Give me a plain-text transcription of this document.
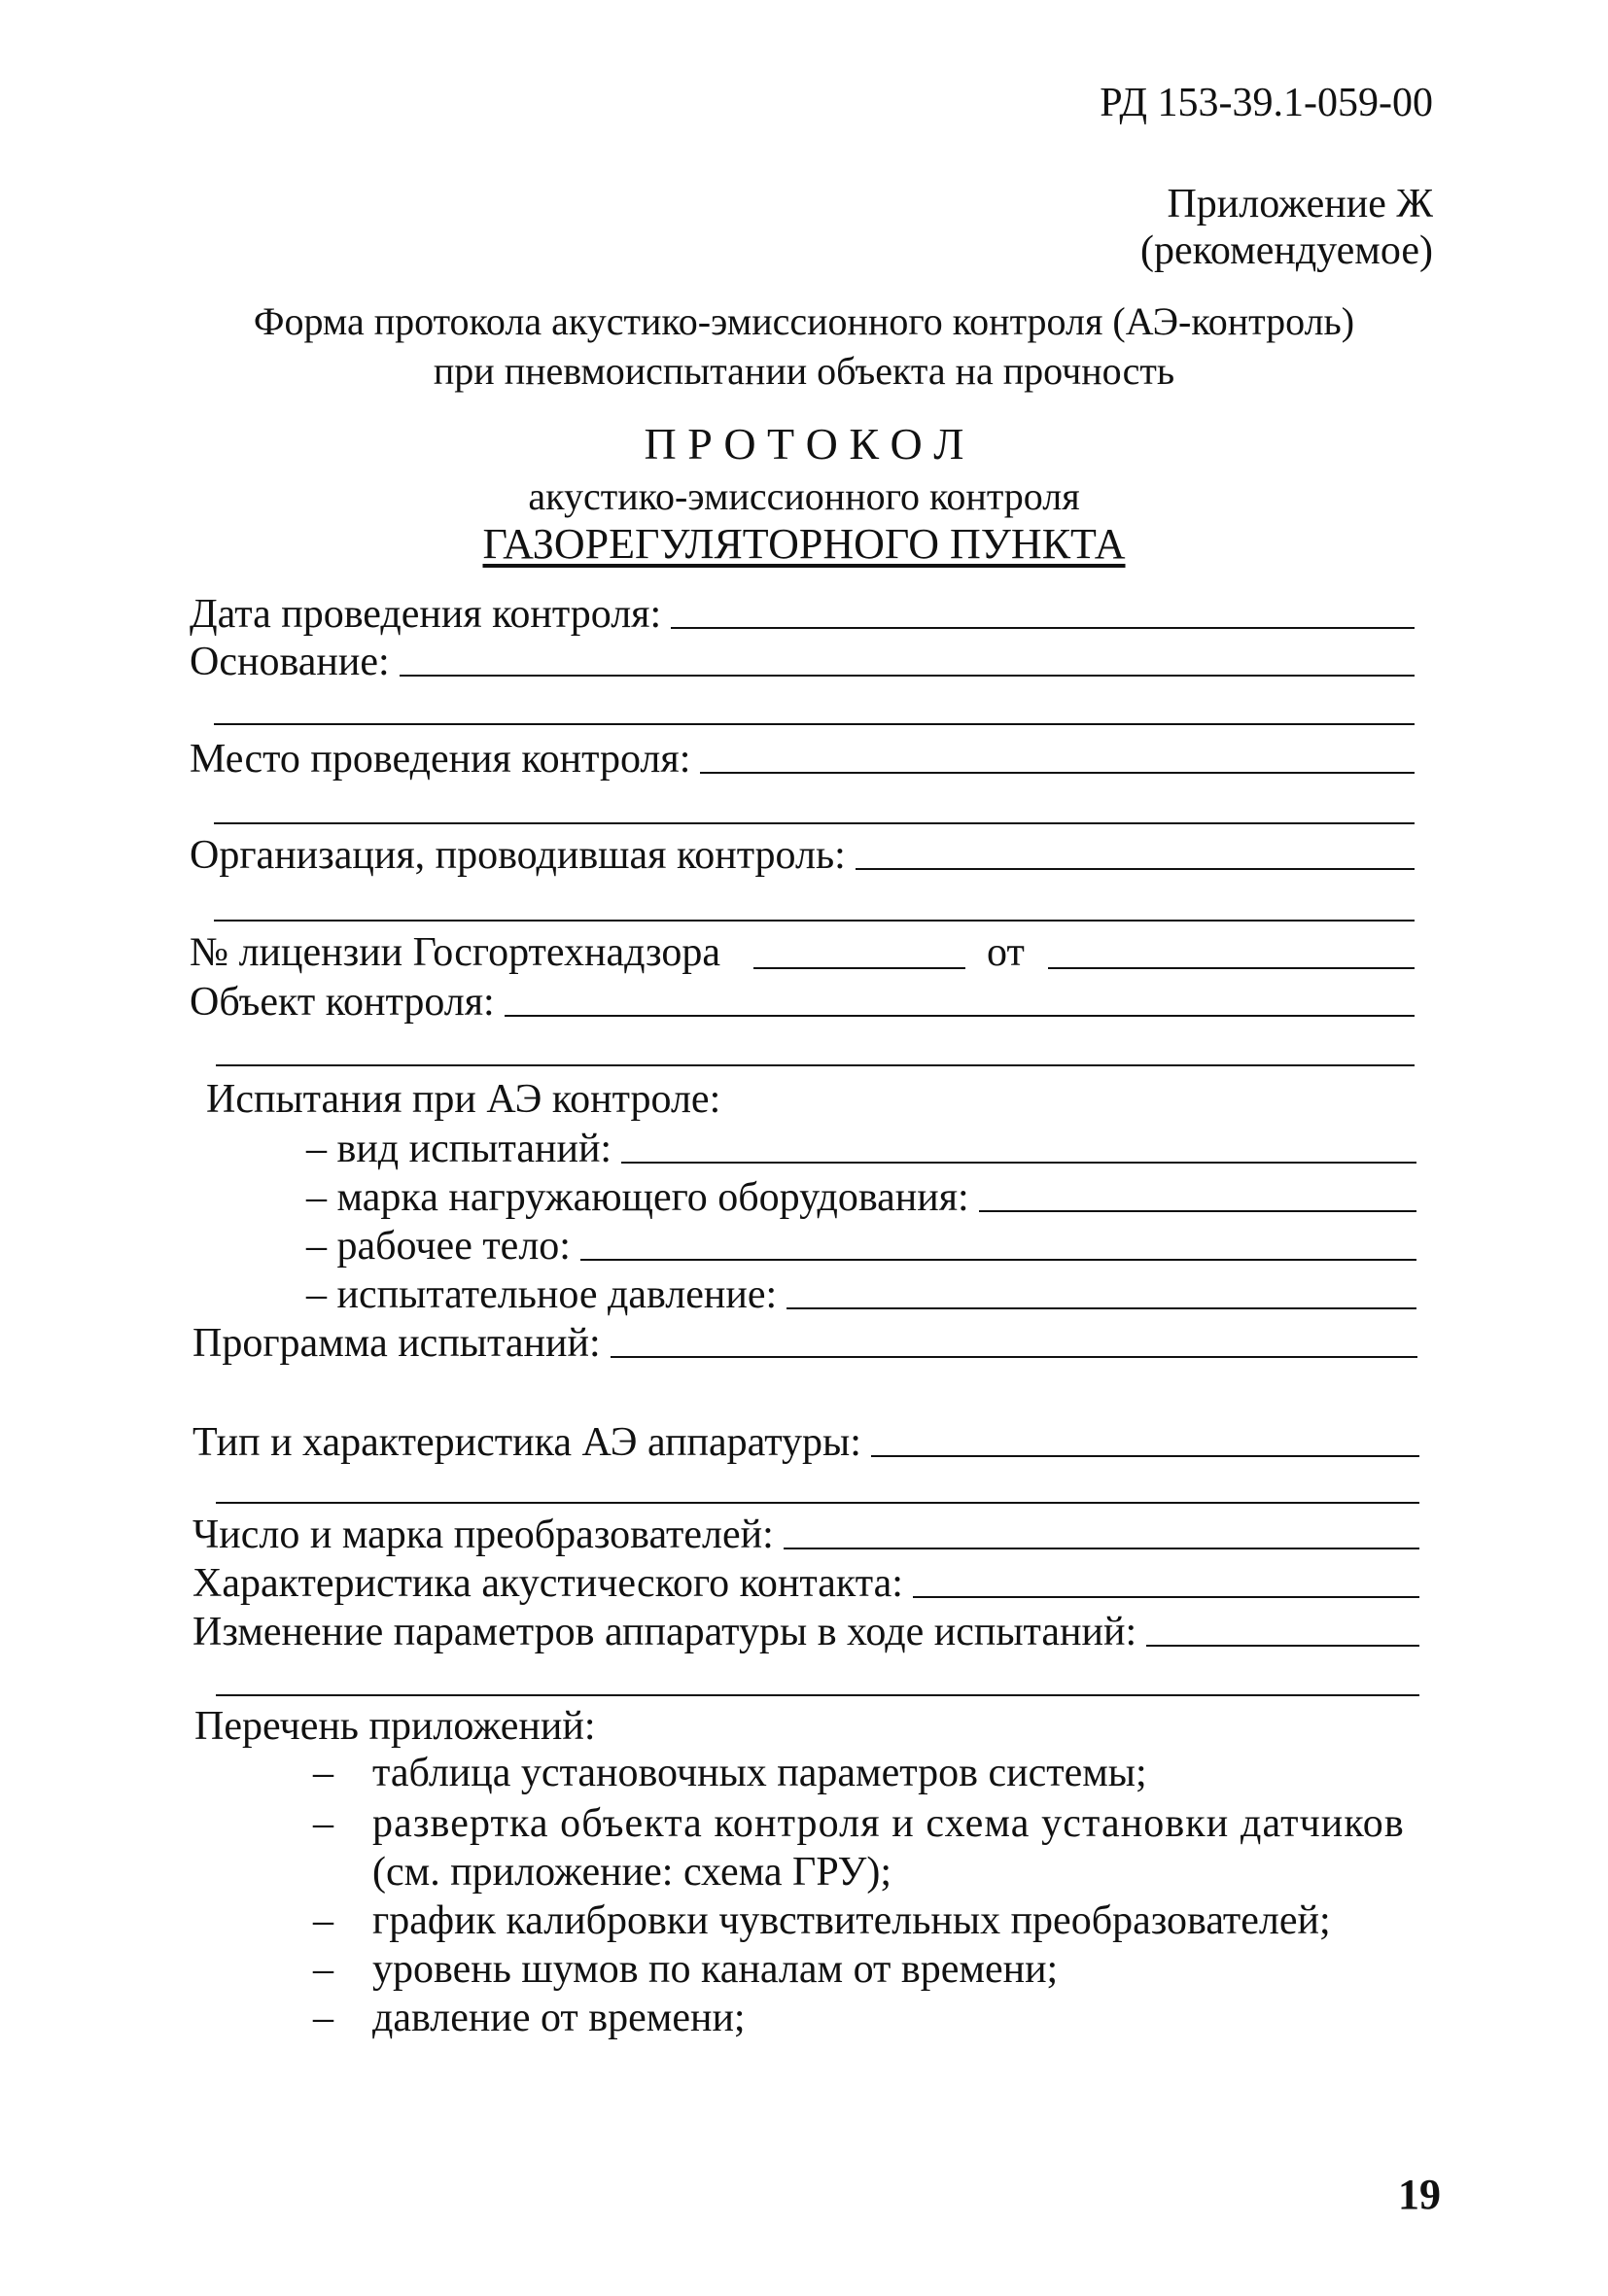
РД 153-39.1-059-00
Приложение Ж
(рекомендуемое)
Форма протокола акустико-эмиссионного контроля (АЭ-контроль)
при пневмоиспытании объекта на прочность
П Р О Т О К О Л
акустико-эмиссионного контроля
ГАЗОРЕГУЛЯТОРНОГО ПУНКТА
Дата проведения контроля:
Основание:
Место проведения контроля:
Организация, проводившая контроль:
№ лицензии Госгортехнадзора	от
Объект контроля:
Испытания при АЭ контроле:
– вид испытаний:
– марка нагружающего оборудования:
– рабочее тело:
– испытательное давление:
Программа испытаний:
Тип и характеристика АЭ аппаратуры:
Число и марка преобразователей:
Характеристика акустического контакта:
Изменение параметров аппаратуры в ходе испытаний:
Перечень приложений:
– таблица установочных параметров системы;
– развертка объекта контроля и схема установки датчиков
(см. приложение: схема ГРУ);
– график калибровки чувствительных преобразователей;
– уровень шумов по каналам от времени;
– давление от времени;
19
